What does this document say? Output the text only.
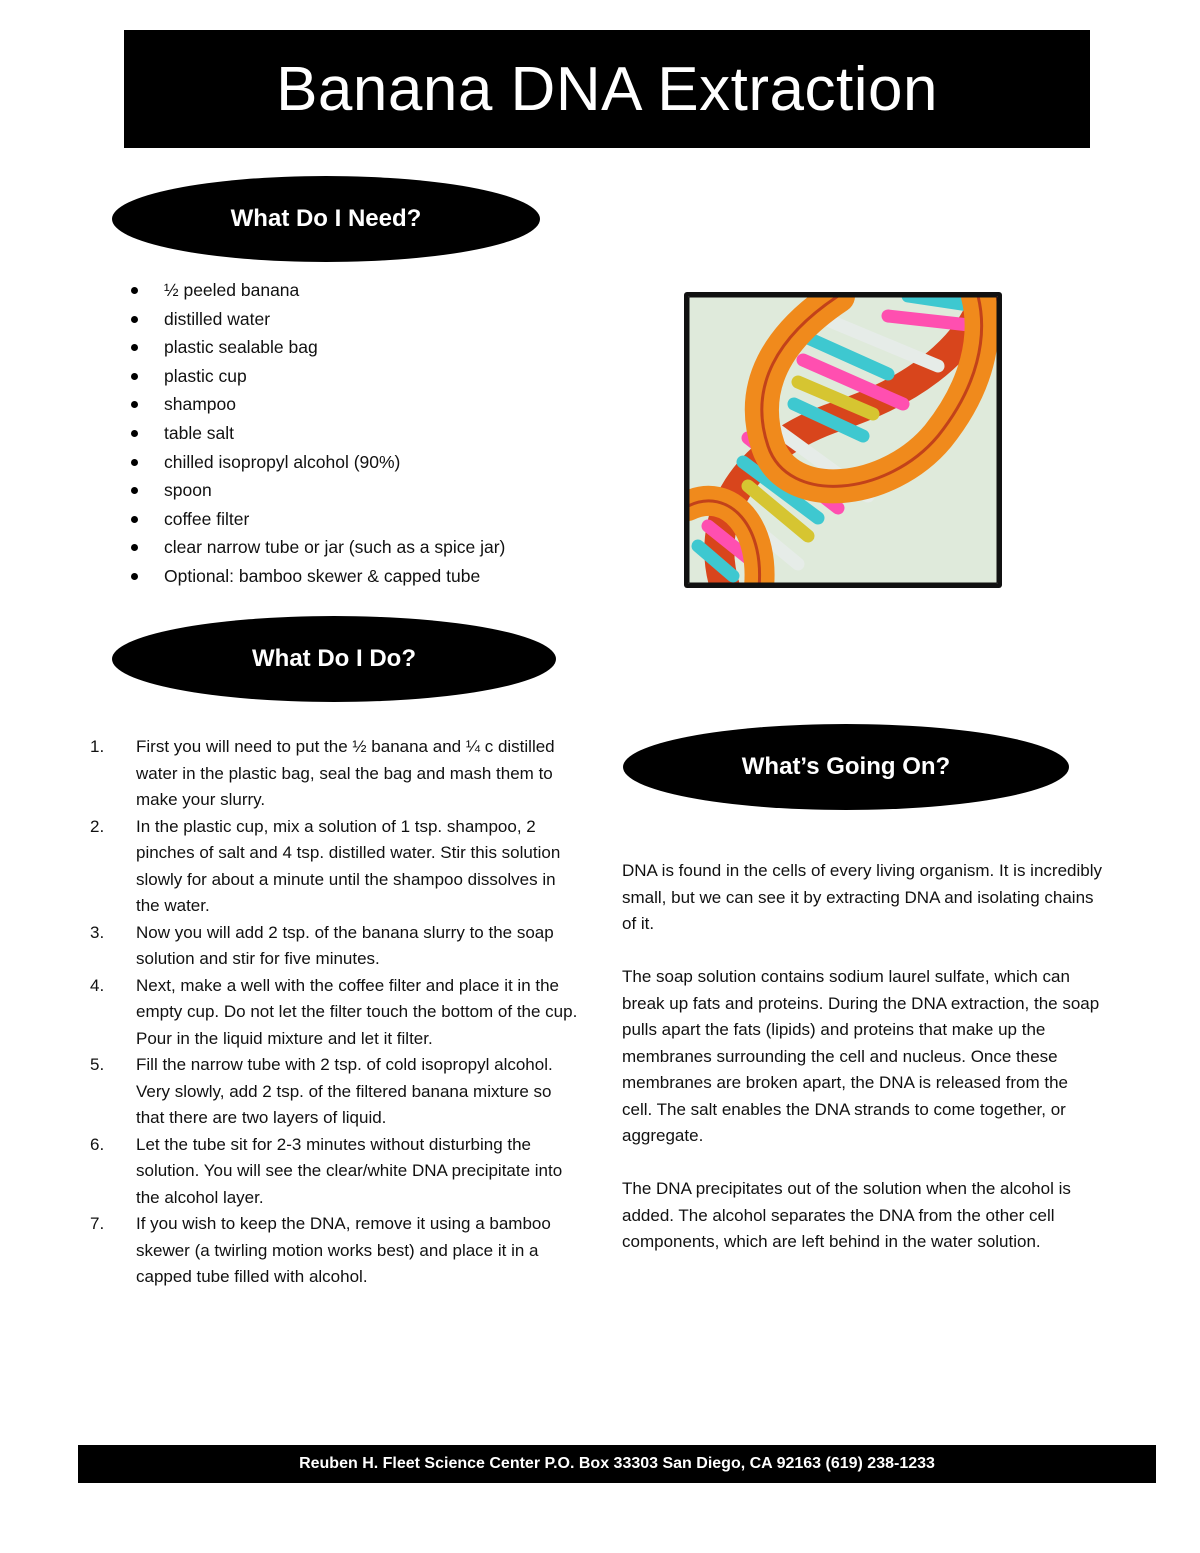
Banana DNA Extraction
What Do I Need?
½ peeled banana
distilled water
plastic sealable bag
plastic cup
shampoo
table salt
chilled isopropyl alcohol (90%)
spoon
coffee filter
clear narrow tube or jar (such as a spice jar)
Optional: bamboo skewer & capped tube
What Do I Do?
1. First you will need to put the ½ banana and ¼ c distilled water in the plastic bag, seal the bag and mash them to make your slurry.
2. In the plastic cup, mix a solution of 1 tsp. shampoo, 2 pinches of salt and 4 tsp. distilled water. Stir this solution slowly for about a minute until the shampoo dissolves in the water.
3. Now you will add 2 tsp. of the banana slurry to the soap solution and stir for five minutes.
4. Next, make a well with the coffee filter and place it in the empty cup. Do not let the filter touch the bottom of the cup. Pour in the liquid mixture and let it filter.
5. Fill the narrow tube with 2 tsp. of cold isopropyl alcohol. Very slowly, add 2 tsp. of the filtered banana mixture so that there are two layers of liquid.
6. Let the tube sit for 2-3 minutes without disturbing the solution. You will see the clear/white DNA precipitate into the alcohol layer.
7. If you wish to keep the DNA, remove it using a bamboo skewer (a twirling motion works best) and place it in a capped tube filled with alcohol.
What’s Going On?

DNA is found in the cells of every living organism. It is incredibly small, but we can see it by extracting DNA and isolating chains of it.

The soap solution contains sodium laurel sulfate, which can break up fats and proteins. During the DNA extraction, the soap pulls apart the fats (lipids) and proteins that make up the membranes surrounding the cell and nucleus. Once these membranes are broken apart, the DNA is released from the cell. The salt enables the DNA strands to come together, or aggregate.

The DNA precipitates out of the solution when the alcohol is added. The alcohol separates the DNA from the other cell components, which are left behind in the water solution.

Reuben H. Fleet Science Center P.O. Box 33303 San Diego, CA 92163 (619) 238-1233
